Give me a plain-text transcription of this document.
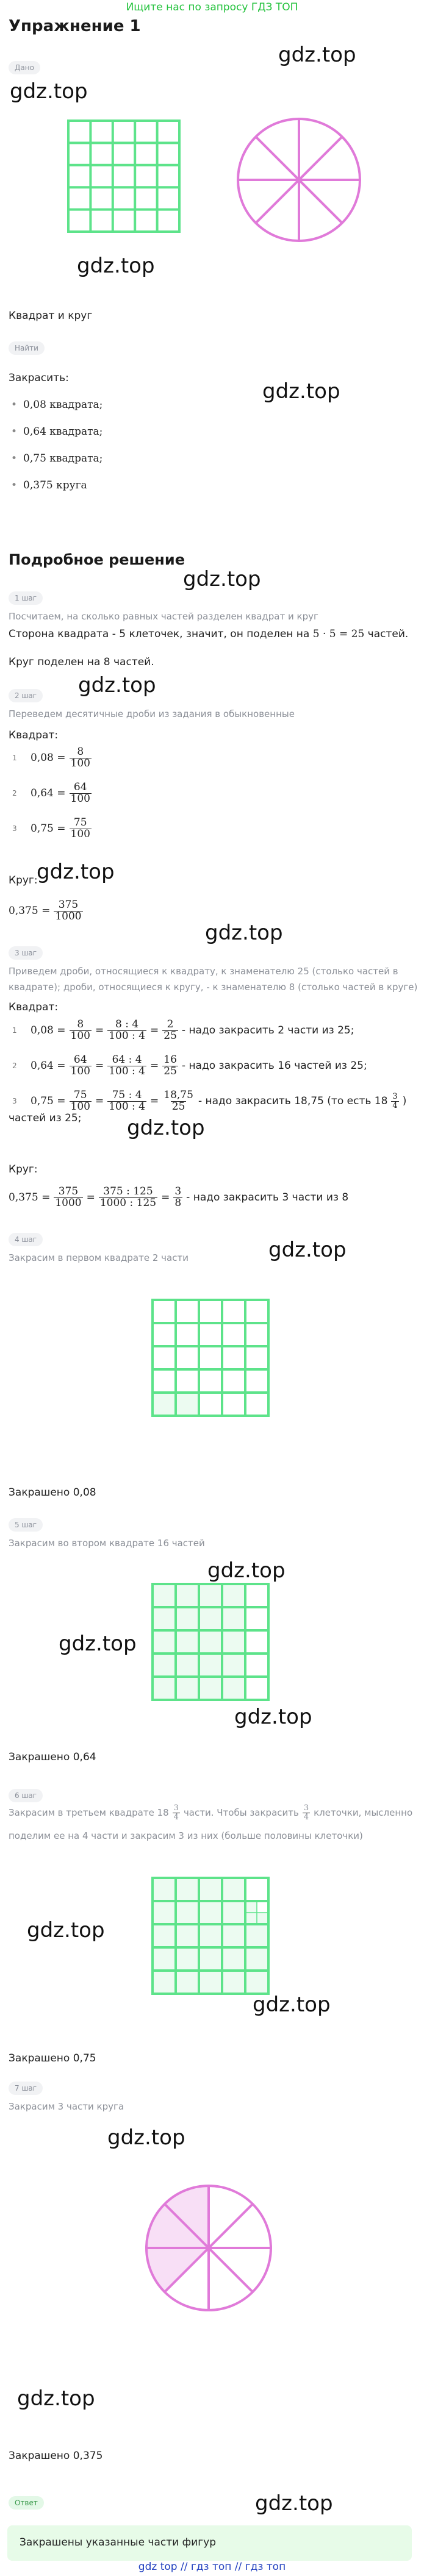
Ищите нас по запросу ГДЗ ТОП
Упражнение 1
Дано
gdz.top
gdz.top
gdz.top
Квадрат и круг
Найти
gdz.top
Закрасить:
• 0,08 квадрата;
• 0,64 квадрата;
• 0,75 квадрата;
• 0,375 круга
Подробное решение
gdz.top
1 шаг
Посчитаем, на сколько равных частей разделен квадрат и круг
Сторона квадрата - 5 клеточек, значит, он поделен на 5 · 5 = 25 частей.
Круг поделен на 8 частей.
gdz.top
2 шаг
Переведем десятичные дроби из задания в обыкновенные
Квадрат:
1	$0,08 = \frac{8}{100}$
2	$0,64 = \frac{64}{100}$
3	$0,75 = \frac{75}{100}$
gdz.top
Круг:
$0,375 = \frac{375}{1000}$
gdz.top
3 шаг
Приведем дроби, относящиеся к квадрату, к знаменателю 25 (столько частей в
квадрате); дроби, относящиеся к кругу, - к знаменателю 8 (столько частей в круге)
Квадрат:
1	$0,08 = \frac{8}{100} = \frac{8 : 4}{100 : 4} = \frac{2}{25}$ - надо закрасить 2 части из 25;
2	$0,64 = \frac{64}{100} = \frac{64 : 4}{100 : 4} = \frac{16}{25}$ - надо закрасить 16 частей из 25;
3	$0,75 = \frac{75}{100} = \frac{75 : 4}{100 : 4} = \frac{18,75}{25}$ - надо закрасить 18,75 (то есть $18 \frac{3}{4}$ )
частей из 25; gdz.top
Круг:
$0,375 = \frac{375}{1000} = \frac{375 : 125}{1000 : 125} = \frac{3}{8}$ - надо закрасить 3 части из 8
gdz.top
4 шаг
Закрасим в первом квадрате 2 части
Закрашено 0,08
5 шаг
Закрасим во втором квадрате 16 частей
gdz.top
gdz.top
gdz.top
Закрашено 0,64
6 шаг
Закрасим в третьем квадрате $18 \frac{3}{4}$ части. Чтобы закрасить $\frac{3}{4}$ клеточки, мысленно
поделим ее на 4 части и закрасим 3 из них (больше половины клеточки)
gdz.top
gdz.top
Закрашено 0,75
7 шаг
Закрасим 3 части круга
gdz.top
gdz.top
Закрашено 0,375
Ответ	gdz.top
Закрашены указанные части фигур
gdz top // гдз топ // гдз топ
